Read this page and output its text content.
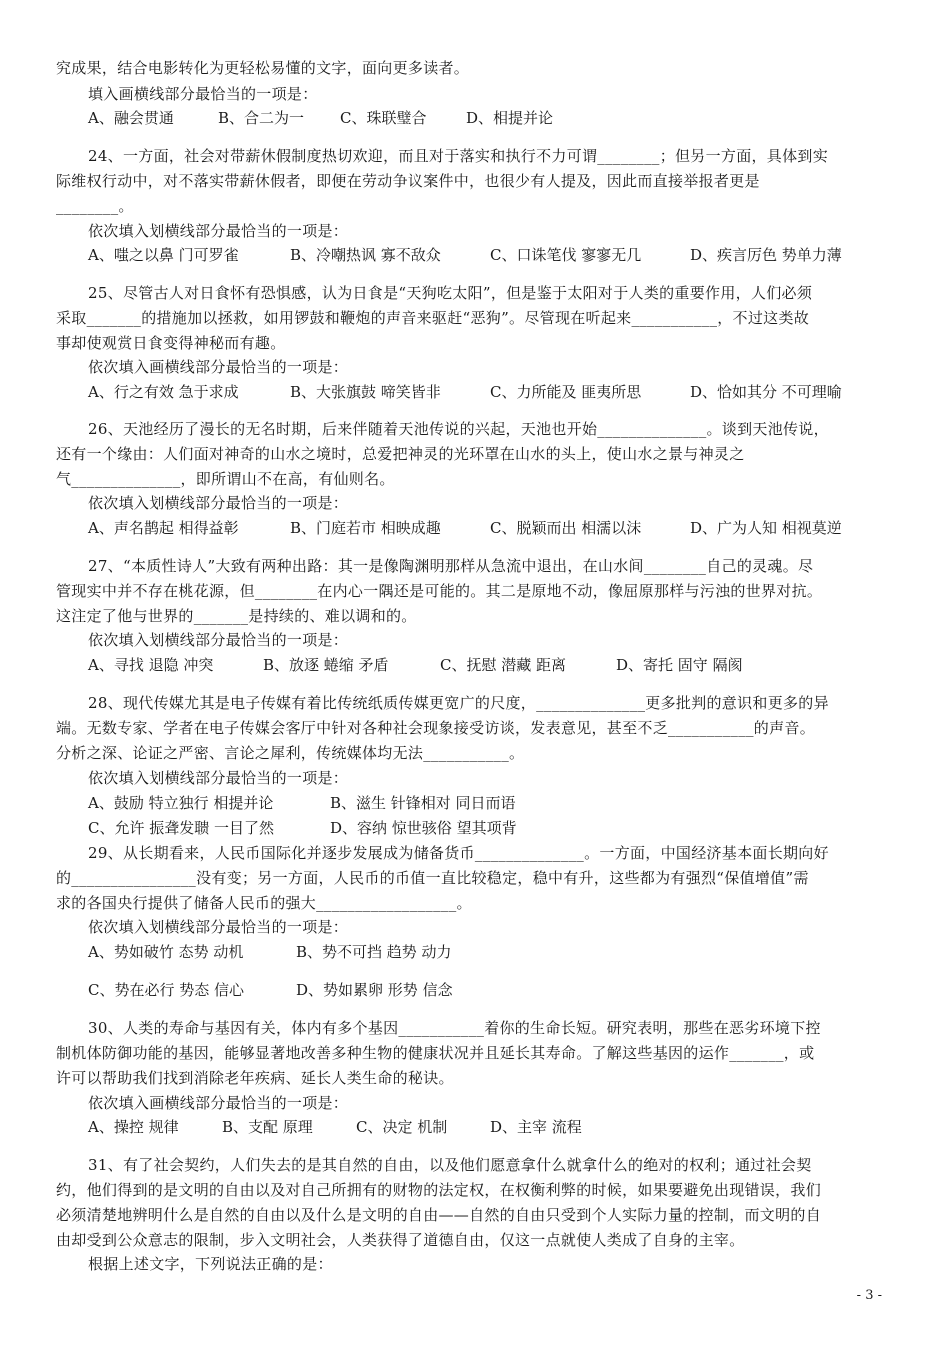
究成果，结合电影转化为更轻松易懂的文字，面向更多读者。
填入画横线部分最恰当的一项是：
A、融会贯通	B、合二为一 C、珠联璧合	D、相提并论
24、一方面，社会对带薪休假制度热切欢迎，而且对于落实和执行不力可谓________；但另一方面，具体到实
际维权行动中，对不落实带薪休假者，即便在劳动争议案件中，也很少有人提及，因此而直接举报者更是
________。
依次填入划横线部分最恰当的一项是：
A、嗤之以鼻 门可罗雀	B、冷嘲热讽 寡不敌众	C、口诛笔伐 寥寥无几	D、疾言厉色 势单力薄
25、尽管古人对日食怀有恐惧感，认为日食是“天狗吃太阳”，但是鉴于太阳对于人类的重要作用，人们必须
采取_______的措施加以拯救，如用锣鼓和鞭炮的声音来驱赶“恶狗”。尽管现在听起来___________，不过这类故
事却使观赏日食变得神秘而有趣。
依次填入画横线部分最恰当的一项是：
A、行之有效 急于求成	B、大张旗鼓 啼笑皆非	C、力所能及 匪夷所思	D、恰如其分 不可理喻
26、天池经历了漫长的无名时期，后来伴随着天池传说的兴起，天池也开始______________。谈到天池传说，
还有一个缘由：人们面对神奇的山水之境时，总爱把神灵的光环罩在山水的头上，使山水之景与神灵之
气______________，即所谓山不在高，有仙则名。
依次填入划横线部分最恰当的一项是：
A、声名鹊起 相得益彰	B、门庭若市 相映成趣	C、脱颖而出 相濡以沫	D、广为人知 相视莫逆
27、“本质性诗人”大致有两种出路：其一是像陶渊明那样从急流中退出，在山水间________自己的灵魂。尽
管现实中并不存在桃花源，但________在内心一隅还是可能的。其二是原地不动，像屈原那样与污浊的世界对抗。
这注定了他与世界的_______是持续的、难以调和的。
依次填入划横线部分最恰当的一项是：
A、寻找 退隐 冲突	B、放逐 蜷缩 矛盾	C、抚慰 潜藏 距离	D、寄托 固守 隔阂
28、现代传媒尤其是电子传媒有着比传统纸质传媒更宽广的尺度，______________更多批判的意识和更多的异
端。无数专家、学者在电子传媒会客厅中针对各种社会现象接受访谈，发表意见，甚至不乏___________的声音。
分析之深、论证之严密、言论之犀利，传统媒体均无法___________。
依次填入划横线部分最恰当的一项是：
A、鼓励 特立独行 相提并论	B、滋生 针锋相对 同日而语
C、允许 振聋发聩 一目了然	D、容纳 惊世骇俗 望其项背
29、从长期看来，人民币国际化并逐步发展成为储备货币______________。一方面，中国经济基本面长期向好
的________________没有变；另一方面，人民币的币值一直比较稳定，稳中有升，这些都为有强烈“保值增值”需
求的各国央行提供了储备人民币的强大__________________。
依次填入划横线部分最恰当的一项是：
A、势如破竹 态势 动机	B、势不可挡 趋势 动力
C、势在必行 势态 信心	D、势如累卵 形势 信念
30、人类的寿命与基因有关，体内有多个基因___________着你的生命长短。研究表明，那些在恶劣环境下控
制机体防御功能的基因，能够显著地改善多种生物的健康状况并且延长其寿命。了解这些基因的运作_______，或
许可以帮助我们找到消除老年疾病、延长人类生命的秘诀。
依次填入画横线部分最恰当的一项是：
A、操控 规律	B、支配 原理	C、决定 机制	D、主宰 流程
31、有了社会契约，人们失去的是其自然的自由，以及他们愿意拿什么就拿什么的绝对的权利；通过社会契
约，他们得到的是文明的自由以及对自己所拥有的财物的法定权，在权衡利弊的时候，如果要避免出现错误，我们
必须清楚地辨明什么是自然的自由以及什么是文明的自由——自然的自由只受到个人实际力量的控制，而文明的自
由却受到公众意志的限制，步入文明社会，人类获得了道德自由，仅这一点就使人类成了自身的主宰。
根据上述文字，下列说法正确的是：
- 3 -
